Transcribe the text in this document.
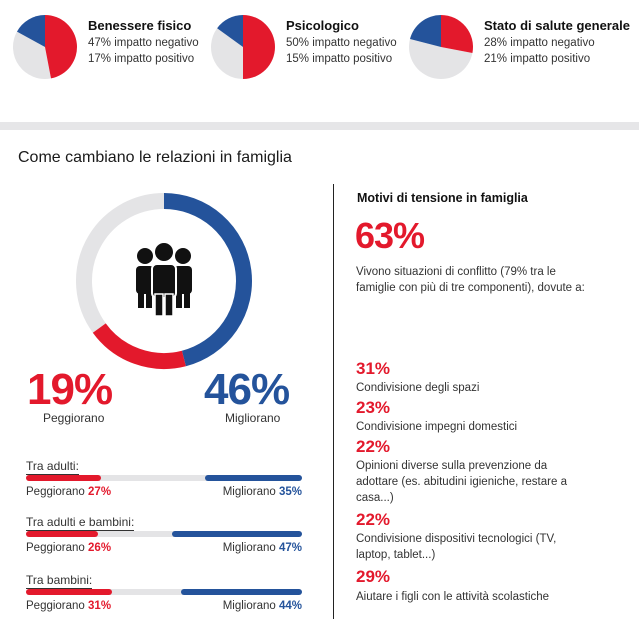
Benessere fisico
47% impatto negativo
17% impatto positivo
Psicologico
50% impatto negativo
15% impatto positivo
Stato di salute generale
28% impatto negativo
21% impatto positivo
Come cambiano le relazioni in famiglia
19%
Peggiorano
46%
Migliorano
Tra adulti:
Peggiorano 27%	Migliorano 35%
Tra adulti e bambini:
Peggiorano 26%	Migliorano 47%
Tra bambini:
Peggiorano 31%	Migliorano 44%
Motivi di tensione in famiglia
63%
Vivono situazioni di conflitto (79% tra le famiglie con più di tre componenti), dovute a:
31%
Condivisione degli spazi
23%
Condivisione impegni domestici
22%
Opinioni diverse sulla prevenzione da adottare (es. abitudini igieniche, restare a casa...)
22%
Condivisione dispositivi tecnologici (TV, laptop, tablet...)
29%
Aiutare i figli con le attività scolastiche
